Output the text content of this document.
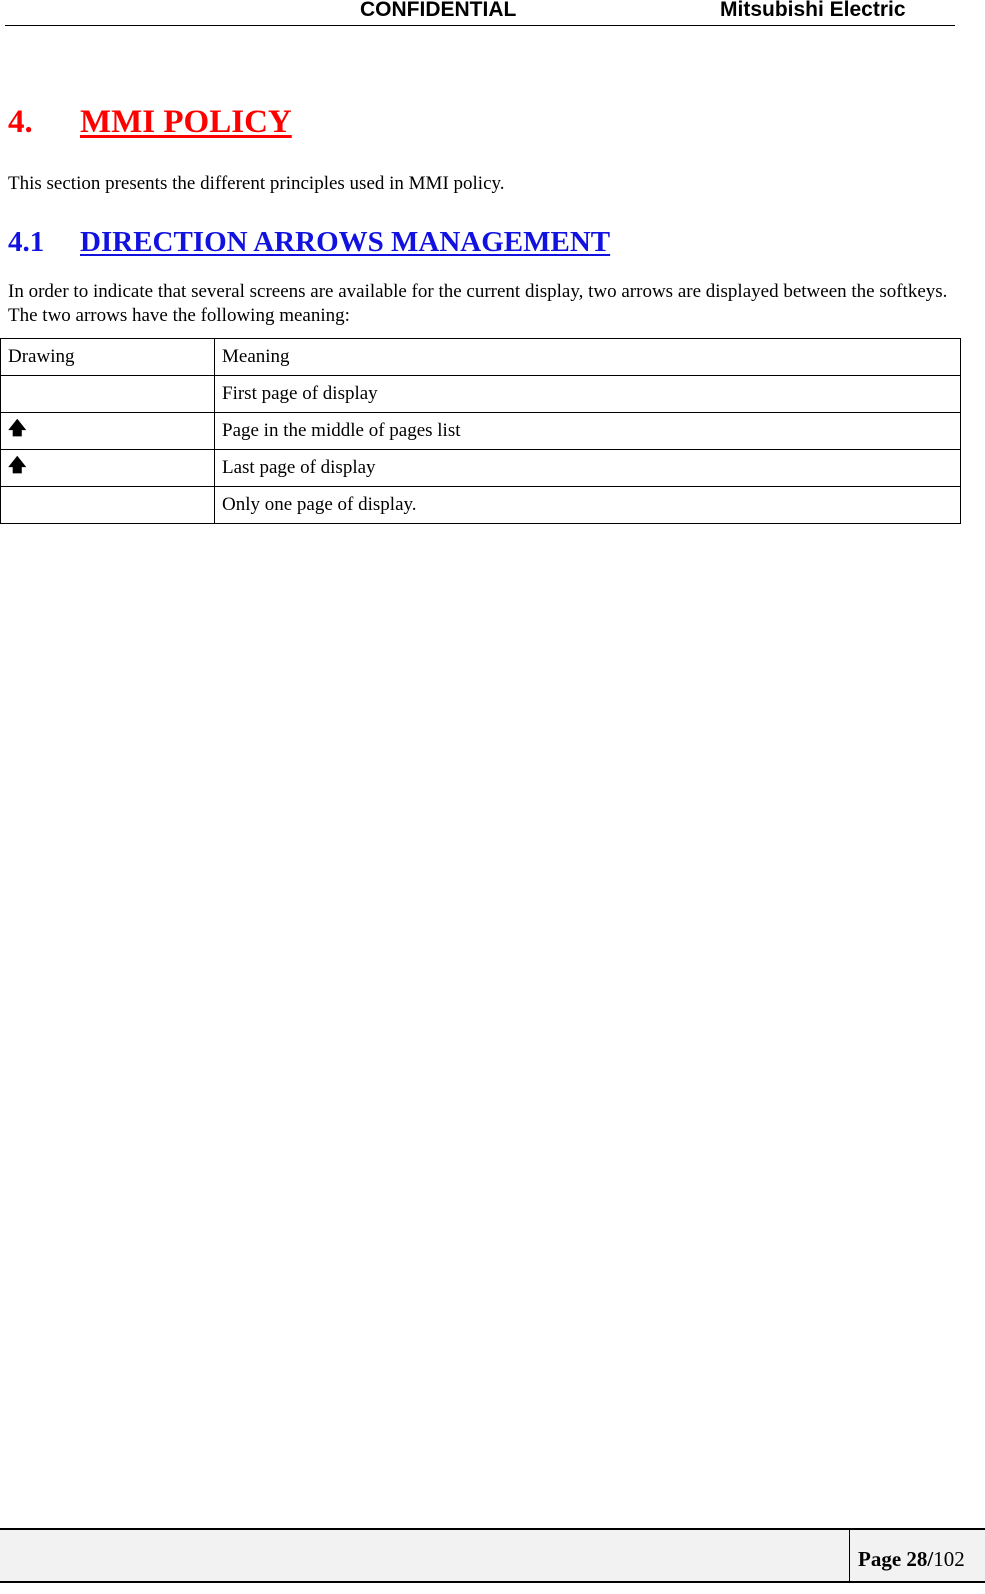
CONFIDENTIAL	Mitsubishi Electric
4. MMI POLICY
This section presents the different principles used in MMI policy.
4.1 DIRECTION ARROWS MANAGEMENT
In order to indicate that several screens are available for the current display, two arrows are displayed between the softkeys. The two arrows have the following meaning:
Drawing	Meaning
	First page of display
🡅	Page in the middle of pages list
🡅	Last page of display
	Only one page of display.
Page 28/102
